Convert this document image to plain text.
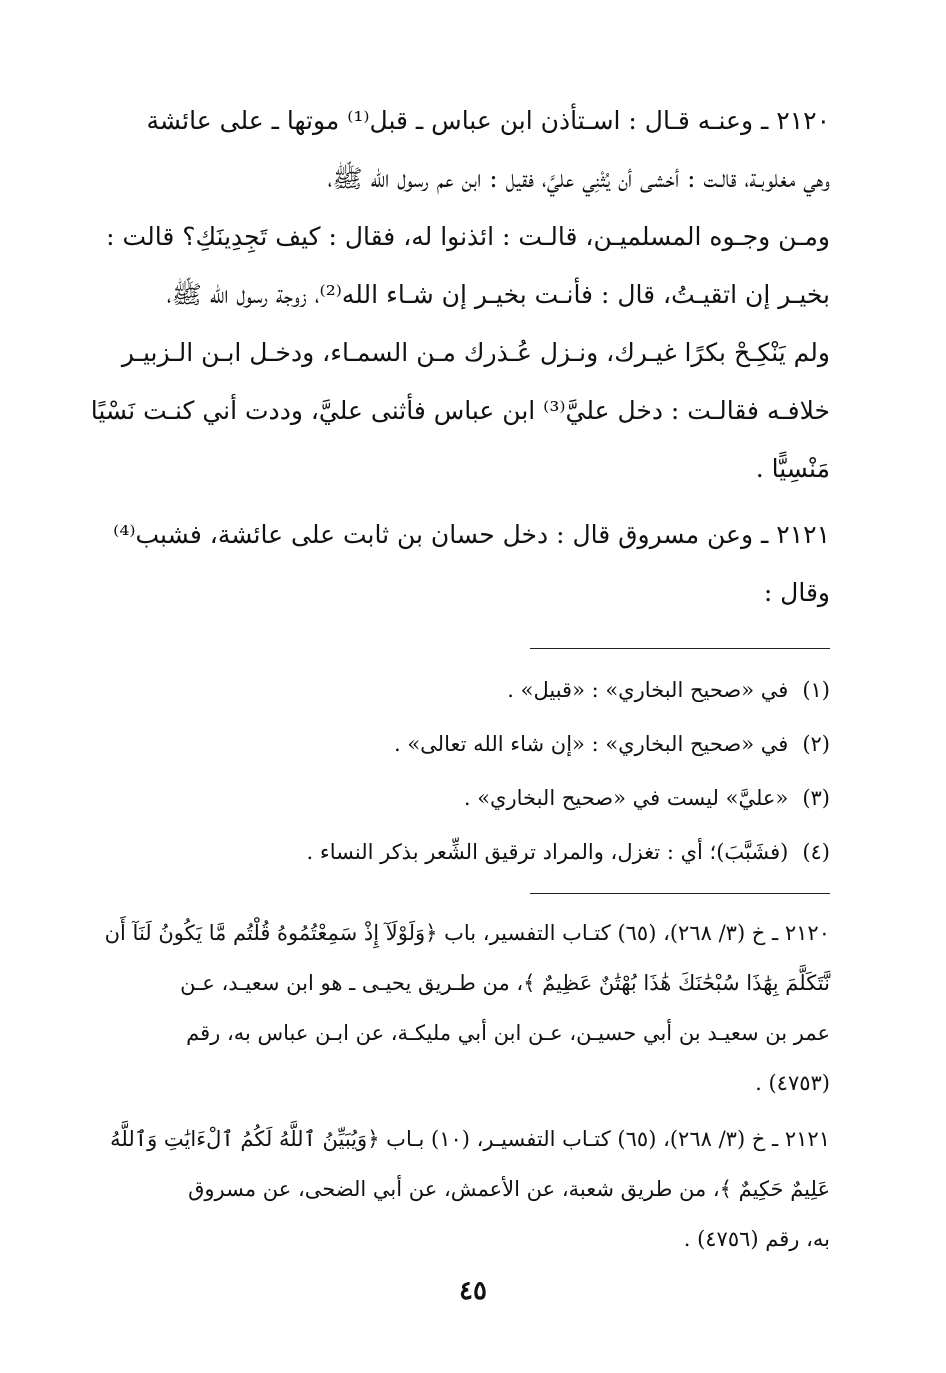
٢١٢٠ ـ وعنـه قـال : اسـتأذن ابن عباس ـ قبل⁽¹⁾ موتها ـ على عائشة
وهي مغلوبـة، قالـت : أخشى أن يُثْنِي عليَّ، فقيل : ابن عم رسول الله ﷺ،
ومـن وجـوه المسلميـن، قالـت : ائذنوا له، فقال : كيف تَجِدِينَكِ؟ قالت :
بخيـر إن اتقيـتُ، قال : فأنـت بخيـر إن شـاء الله⁽²⁾، زوجة رسول الله ﷺ،
ولم يَنْكِـحْ بكرًا غيـرك، ونـزل عُـذرك مـن السمـاء، ودخـل ابـن الـزبيـر
خلافـه فقالـت : دخل عليَّ⁽³⁾ ابن عباس فأثنى عليَّ، وددت أني كنـت نَسْيًا
مَنْسِيًّا .
٢١٢١ ـ وعن مسروق قال : دخل حسان بن ثابت على عائشة، فشبب⁽⁴⁾
وقال :
(١)في «صحيح البخاري» : «قبيل» .
(٢)في «صحيح البخاري» : «إن شاء الله تعالى» .
(٣)«عليَّ» ليست في «صحيح البخاري» .
(٤)(فشَبَّبَ)؛ أي : تغزل، والمراد ترقيق الشِّعر بذكر النساء .
٢١٢٠ ـ خ (٣/ ٢٦٨)، (٦٥) كتـاب التفسير، باب ﴿وَلَوْلَآ إِذْ سَمِعْتُمُوهُ قُلْتُم مَّا يَكُونُ لَنَآ أَن
نَّتَكَلَّمَ بِهَٰذَا سُبْحَٰنَكَ هَٰذَا بُهْتَٰنٌ عَظِيمٌ ﴾، من طـريق يحيـى ـ هو ابن سعيـد، عـن
عمر بن سعيـد بن أبي حسيـن، عـن ابن أبي مليكـة، عن ابـن عباس به، رقم
(٤٧٥٣) .
٢١٢١ ـ خ (٣/ ٢٦٨)، (٦٥) كتـاب التفسيـر، (١٠) بـاب ﴿وَيُبَيِّنُ ٱللَّهُ لَكُمُ ٱلْءَايَٰتِ وَٱللَّهُ
عَلِيمٌ حَكِيمٌ ﴾، من طريق شعبة، عن الأعمش، عن أبي الضحى، عن مسروق
به، رقم (٤٧٥٦) .
٤٥
